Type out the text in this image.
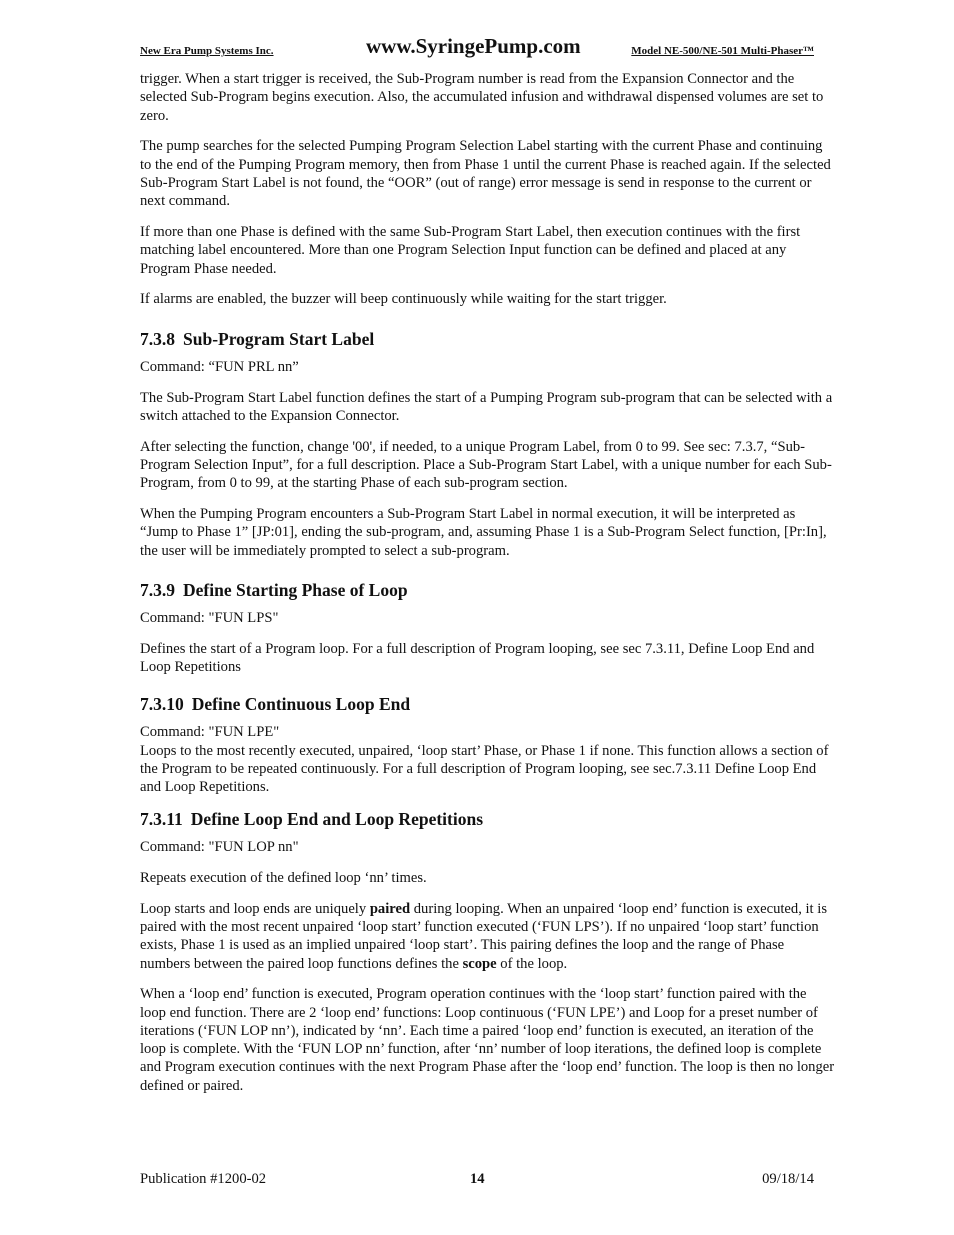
New Era Pump Systems Inc.	www.SyringePump.com	Model NE-500/NE-501 Multi-Phaser™

trigger. When a start trigger is received, the Sub-Program number is read from the Expansion Connector and the selected Sub-Program begins execution. Also, the accumulated infusion and withdrawal dispensed volumes are set to zero.

The pump searches for the selected Pumping Program Selection Label starting with the current Phase and continuing to the end of the Pumping Program memory, then from Phase 1 until the current Phase is reached again. If the selected Sub-Program Start Label is not found, the “OOR” (out of range) error message is send in response to the current or next command.

If more than one Phase is defined with the same Sub-Program Start Label, then execution continues with the first matching label encountered. More than one Program Selection Input function can be defined and placed at any Program Phase needed.

If alarms are enabled, the buzzer will beep continuously while waiting for the start trigger.

7.3.8 Sub-Program Start Label

Command: “FUN PRL nn”

The Sub-Program Start Label function defines the start of a Pumping Program sub-program that can be selected with a switch attached to the Expansion Connector.

After selecting the function, change '00', if needed, to a unique Program Label, from 0 to 99. See sec: 7.3.7, “Sub-Program Selection Input”, for a full description. Place a Sub-Program Start Label, with a unique number for each Sub-Program, from 0 to 99, at the starting Phase of each sub-program section.

When the Pumping Program encounters a Sub-Program Start Label in normal execution, it will be interpreted as “Jump to Phase 1” [JP:01], ending the sub-program, and, assuming Phase 1 is a Sub-Program Select function, [Pr:In], the user will be immediately prompted to select a sub-program.

7.3.9 Define Starting Phase of Loop

Command: "FUN LPS"

Defines the start of a Program loop. For a full description of Program looping, see sec 7.3.11, Define Loop End and Loop Repetitions

7.3.10 Define Continuous Loop End

Command: "FUN LPE"

Loops to the most recently executed, unpaired, ‘loop start’ Phase, or Phase 1 if none. This function allows a section of the Program to be repeated continuously. For a full description of Program looping, see sec.7.3.11 Define Loop End and Loop Repetitions.

7.3.11 Define Loop End and Loop Repetitions

Command: "FUN LOP nn"

Repeats execution of the defined loop ‘nn’ times.

Loop starts and loop ends are uniquely paired during looping. When an unpaired ‘loop end’ function is executed, it is paired with the most recent unpaired ‘loop start’ function executed (‘FUN LPS’). If no unpaired ‘loop start’ function exists, Phase 1 is used as an implied unpaired ‘loop start’. This pairing defines the loop and the range of Phase numbers between the paired loop functions defines the scope of the loop.

When a ‘loop end’ function is executed, Program operation continues with the ‘loop start’ function paired with the loop end function. There are 2 ‘loop end’ functions: Loop continuous (‘FUN LPE’) and Loop for a preset number of iterations (‘FUN LOP nn’), indicated by ‘nn’. Each time a paired ‘loop end’ function is executed, an iteration of the loop is complete. With the ‘FUN LOP nn’ function, after ‘nn’ number of loop iterations, the defined loop is complete and Program execution continues with the next Program Phase after the ‘loop end’ function. The loop is then no longer defined or paired.

Publication #1200-02	14	09/18/14
